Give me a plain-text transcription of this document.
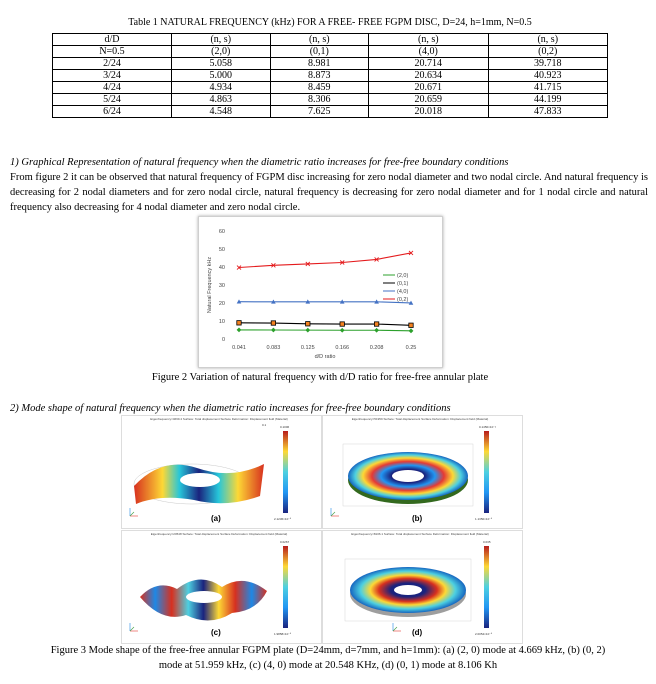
Table 1 NATURAL FREQUENCY (kHz) FOR A FREE- FREE FGPM DISC, D=24, h=1mm, N=0.5
d/D	(n, s)	(n, s)	(n, s)	(n, s)
N=0.5	(2,0)	(0,1)	(4,0)	(0,2)
2/24	5.058	8.981	20.714	39.718
3/24	5.000	8.873	20.634	40.923
4/24	4.934	8.459	20.671	41.715
5/24	4.863	8.306	20.659	44.199
6/24	4.548	7.625	20.018	47.833
1) Graphical Representation of natural frequency when the diametric ratio increases for free-free boundary conditions
From figure 2 it can be observed that natural frequency of FGPM disc increasing for zero nodal diameter and two nodal circle. And natural frequency is decreasing for 2 nodal diameters and for zero nodal circle, natural frequency is decreasing for zero nodal diameter and for 1 nodal circle and natural frequency also decreasing for 4 nodal diameter and zero nodal circle.
0
10
20
30
40
50
60
0.041	0.083	0.125	0.166	0.208	0.25
d/D ratio
Natural Frequency kHz	(2,0)
(0,1)
(4,0)
(0,2)
Figure 2 Variation of natural frequency with d/D ratio for free-free annular plate
2) Mode shape of natural frequency when the diametric ratio increases for free-free boundary conditions
Eigenfrequency=4669.4 Surface: Total displacement Surface Deformation: Displacement field (Material)
0.1	0.1006
2.1236×10⁻⁸
(a)
Eigenfrequency=51959 Surface: Total displacement Surface Deformation: Displacement field (Material)
0.1450×10⁻²
1.1350×10⁻⁸
(b)
Eigenfrequency=20548 Surface: Total displacement Surface Deformation: Displacement field (Material)
0.0267
1.9858×10⁻⁸
(c)
Eigenfrequency=8106.1 Surface: Total displacement Surface Deformation: Displacement field (Material)
0.035
2.0054×10⁻⁸
(d)
Figure 3 Mode shape of the free-free annular FGPM plate (D=24mm, d=7mm, and h=1mm): (a) (2, 0) mode at 4.669 kHz, (b) (0, 2)
mode at 51.959 kHz, (c) (4, 0) mode at 20.548 KHz, (d) (0, 1) mode at 8.106 Kh
